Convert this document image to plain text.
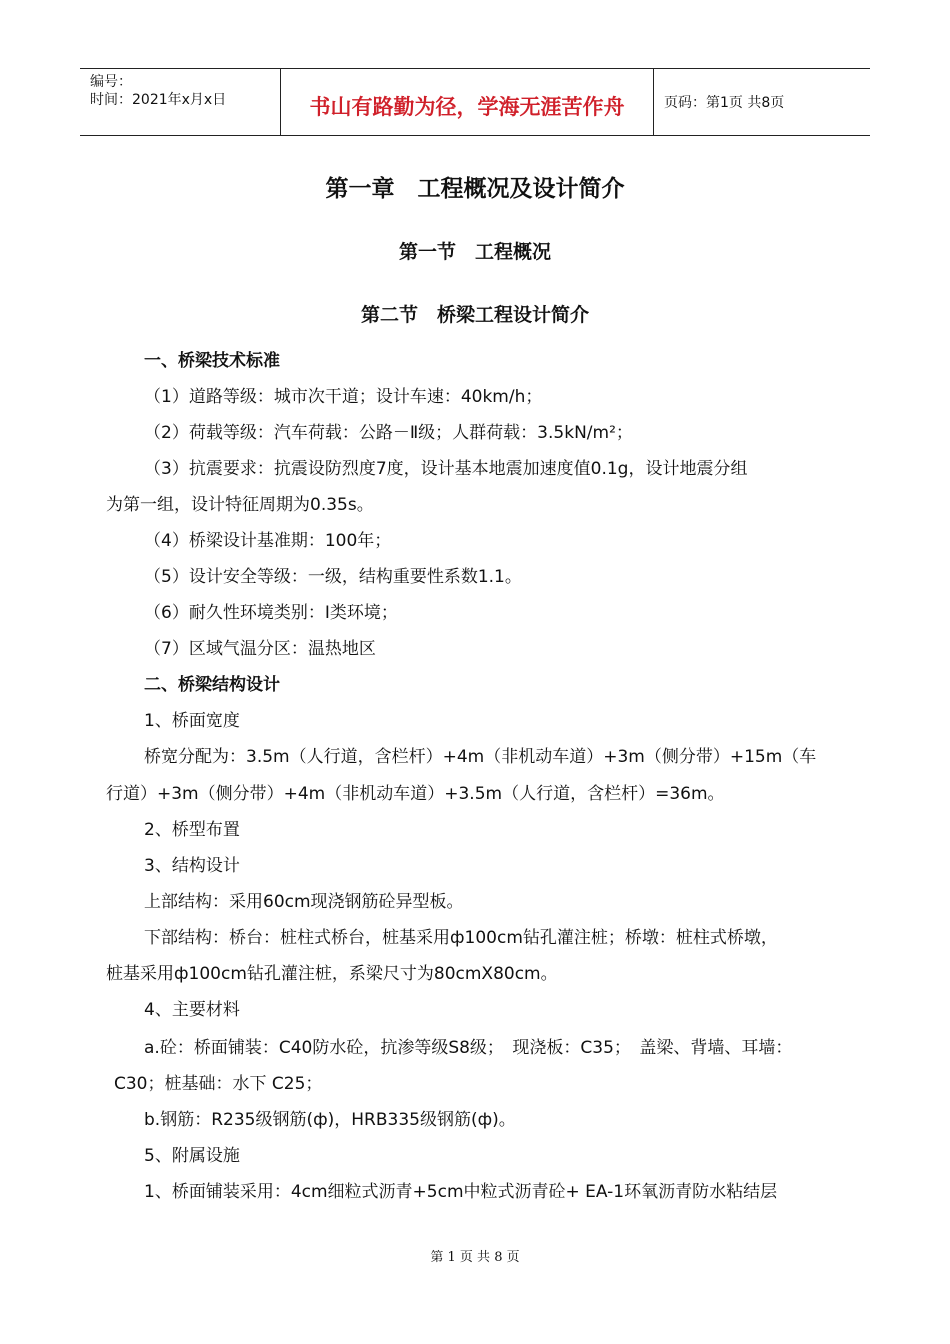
编号：
时间：2021年x月x日	书山有路勤为径，学海无涯苦作舟	页码：第1页 共8页
第一章　工程概况及设计简介
第一节　工程概况
第二节　桥梁工程设计简介
一、桥梁技术标准
（1）道路等级：城市次干道；设计车速：40km/h；
（2）荷载等级：汽车荷载：公路－Ⅱ级；人群荷载：3.5kN/m²；
（3）抗震要求：抗震设防烈度7度，设计基本地震加速度值0.1g，设计地震分组
为第一组，设计特征周期为0.35s。
（4）桥梁设计基准期：100年；
（5）设计安全等级：一级，结构重要性系数1.1。
（6）耐久性环境类别：Ⅰ类环境；
（7）区域气温分区：温热地区
二、桥梁结构设计
1、桥面宽度
桥宽分配为：3.5m（人行道，含栏杆）+4m（非机动车道）+3m（侧分带）+15m（车
行道）+3m（侧分带）+4m（非机动车道）+3.5m（人行道，含栏杆）=36m。
2、桥型布置
3、结构设计
上部结构：采用60cm现浇钢筋砼异型板。
下部结构：桥台：桩柱式桥台，桩基采用ф100cm钻孔灌注桩；桥墩：桩柱式桥墩，
桩基采用ф100cm钻孔灌注桩，系梁尺寸为80cmX80cm。
4、主要材料
a.砼：桥面铺装：C40防水砼，抗渗等级S8级；　现浇板：C35；　盖梁、背墙、耳墙：
C30；桩基础：水下 C25；
b.钢筋：R235级钢筋(ф)，HRB335级钢筋(ф)。
5、附属设施
1、桥面铺装采用：4cm细粒式沥青+5cm中粒式沥青砼+ EA-1环氧沥青防水粘结层
第 1 页 共 8 页
